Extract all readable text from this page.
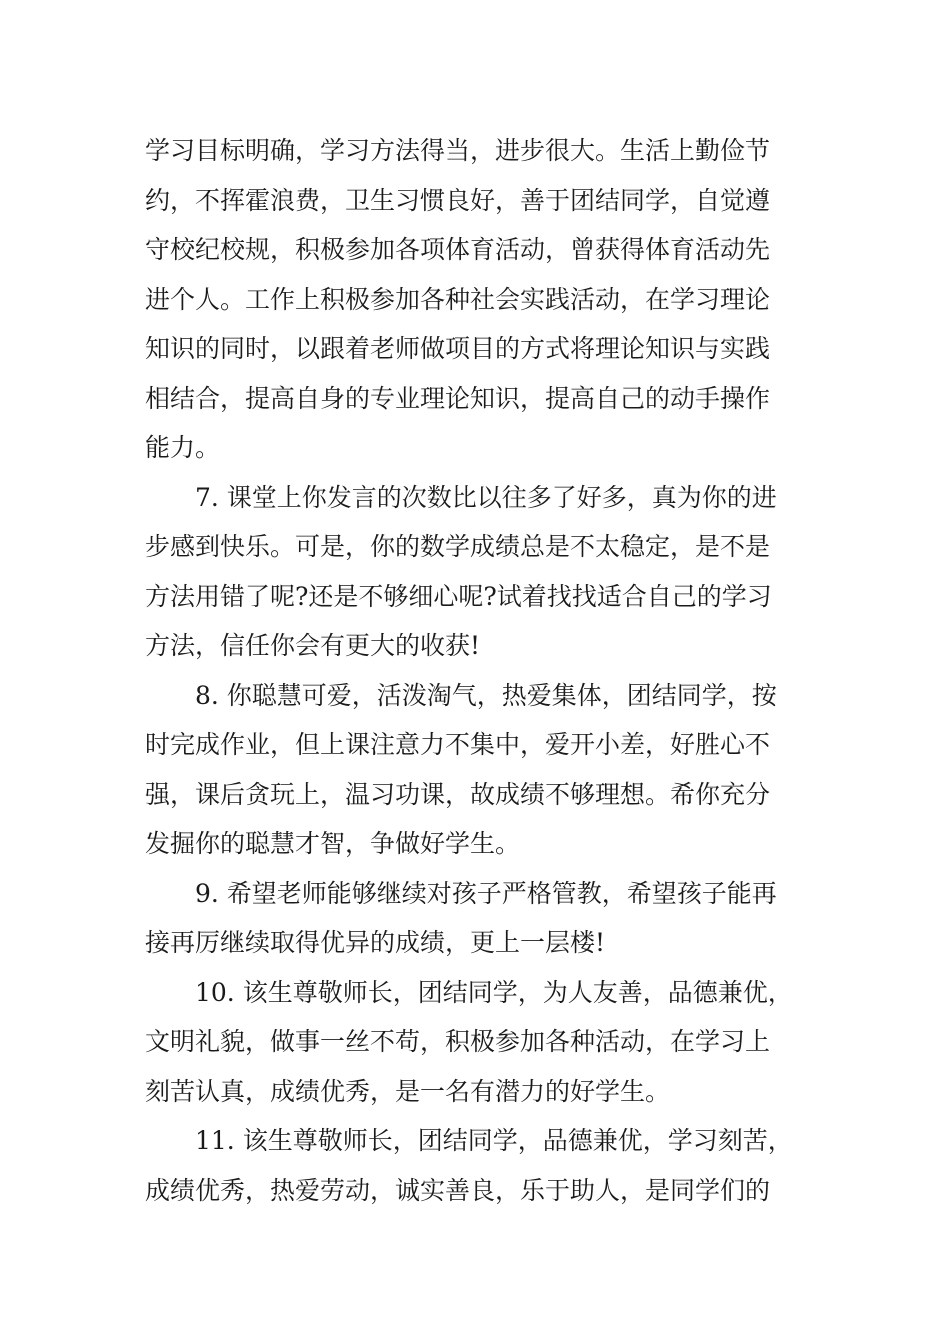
学习目标明确，学习方法得当，进步很大。生活上勤俭节
约，不挥霍浪费，卫生习惯良好，善于团结同学，自觉遵
守校纪校规，积极参加各项体育活动，曾获得体育活动先
进个人。工作上积极参加各种社会实践活动，在学习理论
知识的同时，以跟着老师做项目的方式将理论知识与实践
相结合，提高自身的专业理论知识，提高自己的动手操作
能力。
7. 课堂上你发言的次数比以往多了好多，真为你的进
步感到快乐。可是，你的数学成绩总是不太稳定，是不是
方法用错了呢?还是不够细心呢?试着找找适合自己的学习
方法，信任你会有更大的收获!
8. 你聪慧可爱，活泼淘气，热爱集体，团结同学，按
时完成作业，但上课注意力不集中，爱开小差，好胜心不
强，课后贪玩上，温习功课，故成绩不够理想。希你充分
发掘你的聪慧才智，争做好学生。
9. 希望老师能够继续对孩子严格管教，希望孩子能再
接再厉继续取得优异的成绩，更上一层楼!
10. 该生尊敬师长，团结同学，为人友善，品德兼优，
文明礼貌，做事一丝不苟，积极参加各种活动，在学习上
刻苦认真，成绩优秀，是一名有潜力的好学生。
11. 该生尊敬师长，团结同学，品德兼优，学习刻苦，
成绩优秀，热爱劳动，诚实善良，乐于助人，是同学们的
